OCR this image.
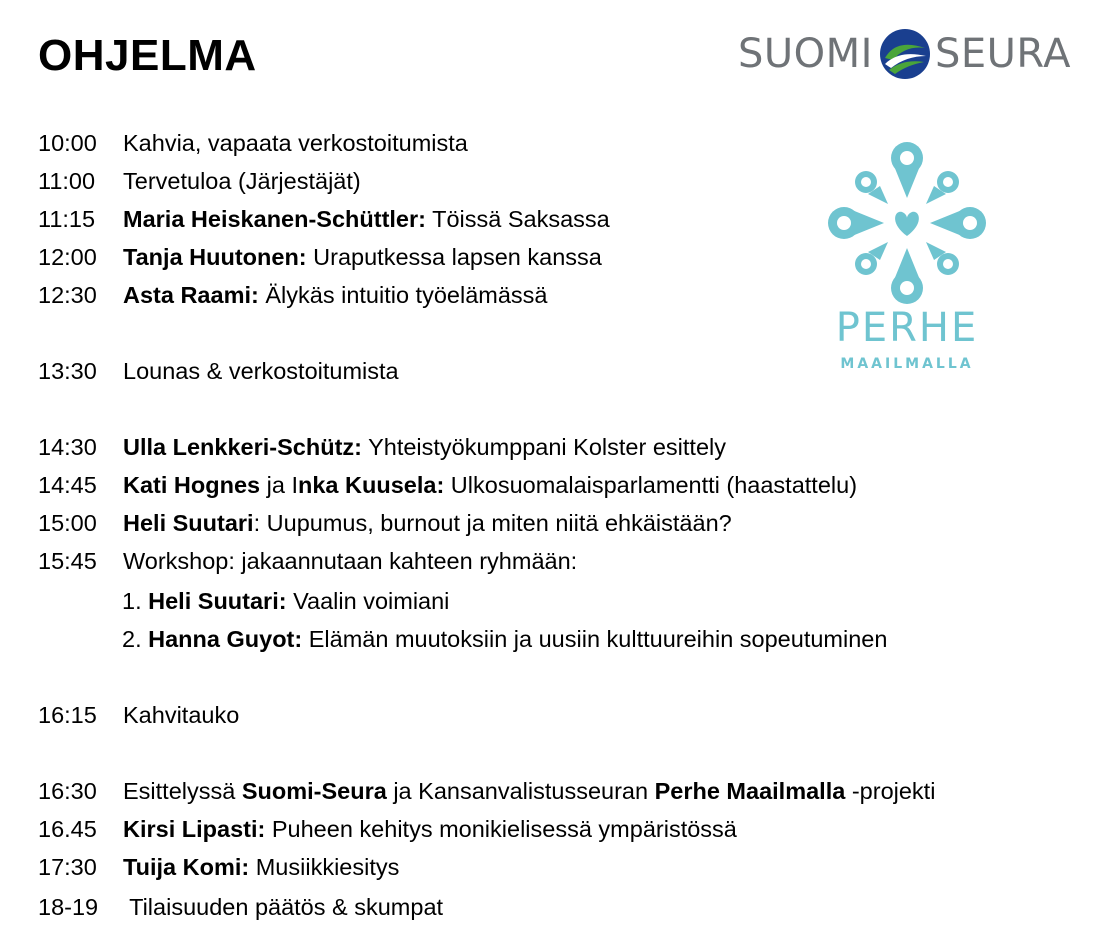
OHJELMA	SUOMI SEURA
PERHE
MAAILMALLA
10:00 Kahvia, vapaata verkostoitumista
11:00 Tervetuloa (Järjestäjät)
11:15 Maria Heiskanen-Schüttler: Töissä Saksassa
12:00 Tanja Huutonen: Uraputkessa lapsen kanssa
12:30 Asta Raami: Älykäs intuitio työelämässä
13:30 Lounas & verkostoitumista
14:30 Ulla Lenkkeri-Schütz: Yhteistyökumppani Kolster esittely
14:45 Kati Hognes ja Inka Kuusela: Ulkosuomalaisparlamentti (haastattelu)
15:00 Heli Suutari: Uupumus, burnout ja miten niitä ehkäistään?
15:45 Workshop: jakaannutaan kahteen ryhmään:
1. Heli Suutari: Vaalin voimiani
2. Hanna Guyot: Elämän muutoksiin ja uusiin kulttuureihin sopeutuminen
16:15 Kahvitauko
16:30 Esittelyssä Suomi-Seura ja Kansanvalistusseuran Perhe Maailmalla -projekti
16.45 Kirsi Lipasti: Puheen kehitys monikielisessä ympäristössä
17:30 Tuija Komi: Musiikkiesitys
18-19 Tilaisuuden päätös & skumpat
